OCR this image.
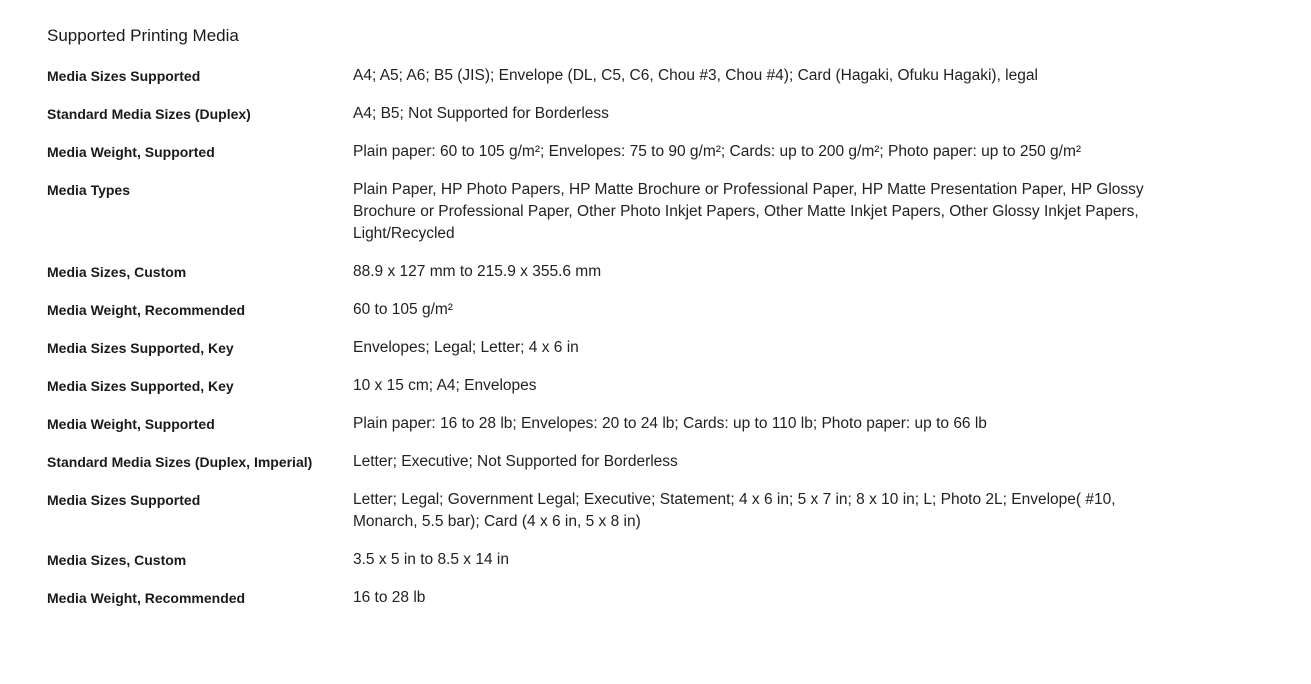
Supported Printing Media
Media Sizes Supported	A4; A5; A6; B5 (JIS); Envelope (DL, C5, C6, Chou #3, Chou #4); Card (Hagaki, Ofuku Hagaki), legal
Standard Media Sizes (Duplex)	A4; B5; Not Supported for Borderless
Media Weight, Supported	Plain paper: 60 to 105 g/m²; Envelopes: 75 to 90 g/m²; Cards: up to 200 g/m²; Photo paper: up to 250 g/m²
Media Types	Plain Paper, HP Photo Papers, HP Matte Brochure or Professional Paper, HP Matte Presentation Paper, HP Glossy Brochure or Professional Paper, Other Photo Inkjet Papers, Other Matte Inkjet Papers, Other Glossy Inkjet Papers, Light/Recycled
Media Sizes, Custom	88.9 x 127 mm to 215.9 x 355.6 mm
Media Weight, Recommended	60 to 105 g/m²
Media Sizes Supported, Key	Envelopes; Legal; Letter; 4 x 6 in
Media Sizes Supported, Key	10 x 15 cm; A4; Envelopes
Media Weight, Supported	Plain paper: 16 to 28 lb; Envelopes: 20 to 24 lb; Cards: up to 110 lb; Photo paper: up to 66 lb
Standard Media Sizes (Duplex, Imperial)	Letter; Executive; Not Supported for Borderless
Media Sizes Supported	Letter; Legal; Government Legal; Executive; Statement; 4 x 6 in; 5 x 7 in; 8 x 10 in; L; Photo 2L; Envelope( #10, Monarch, 5.5 bar); Card (4 x 6 in, 5 x 8 in)
Media Sizes, Custom	3.5 x 5 in to 8.5 x 14 in
Media Weight, Recommended	16 to 28 lb
